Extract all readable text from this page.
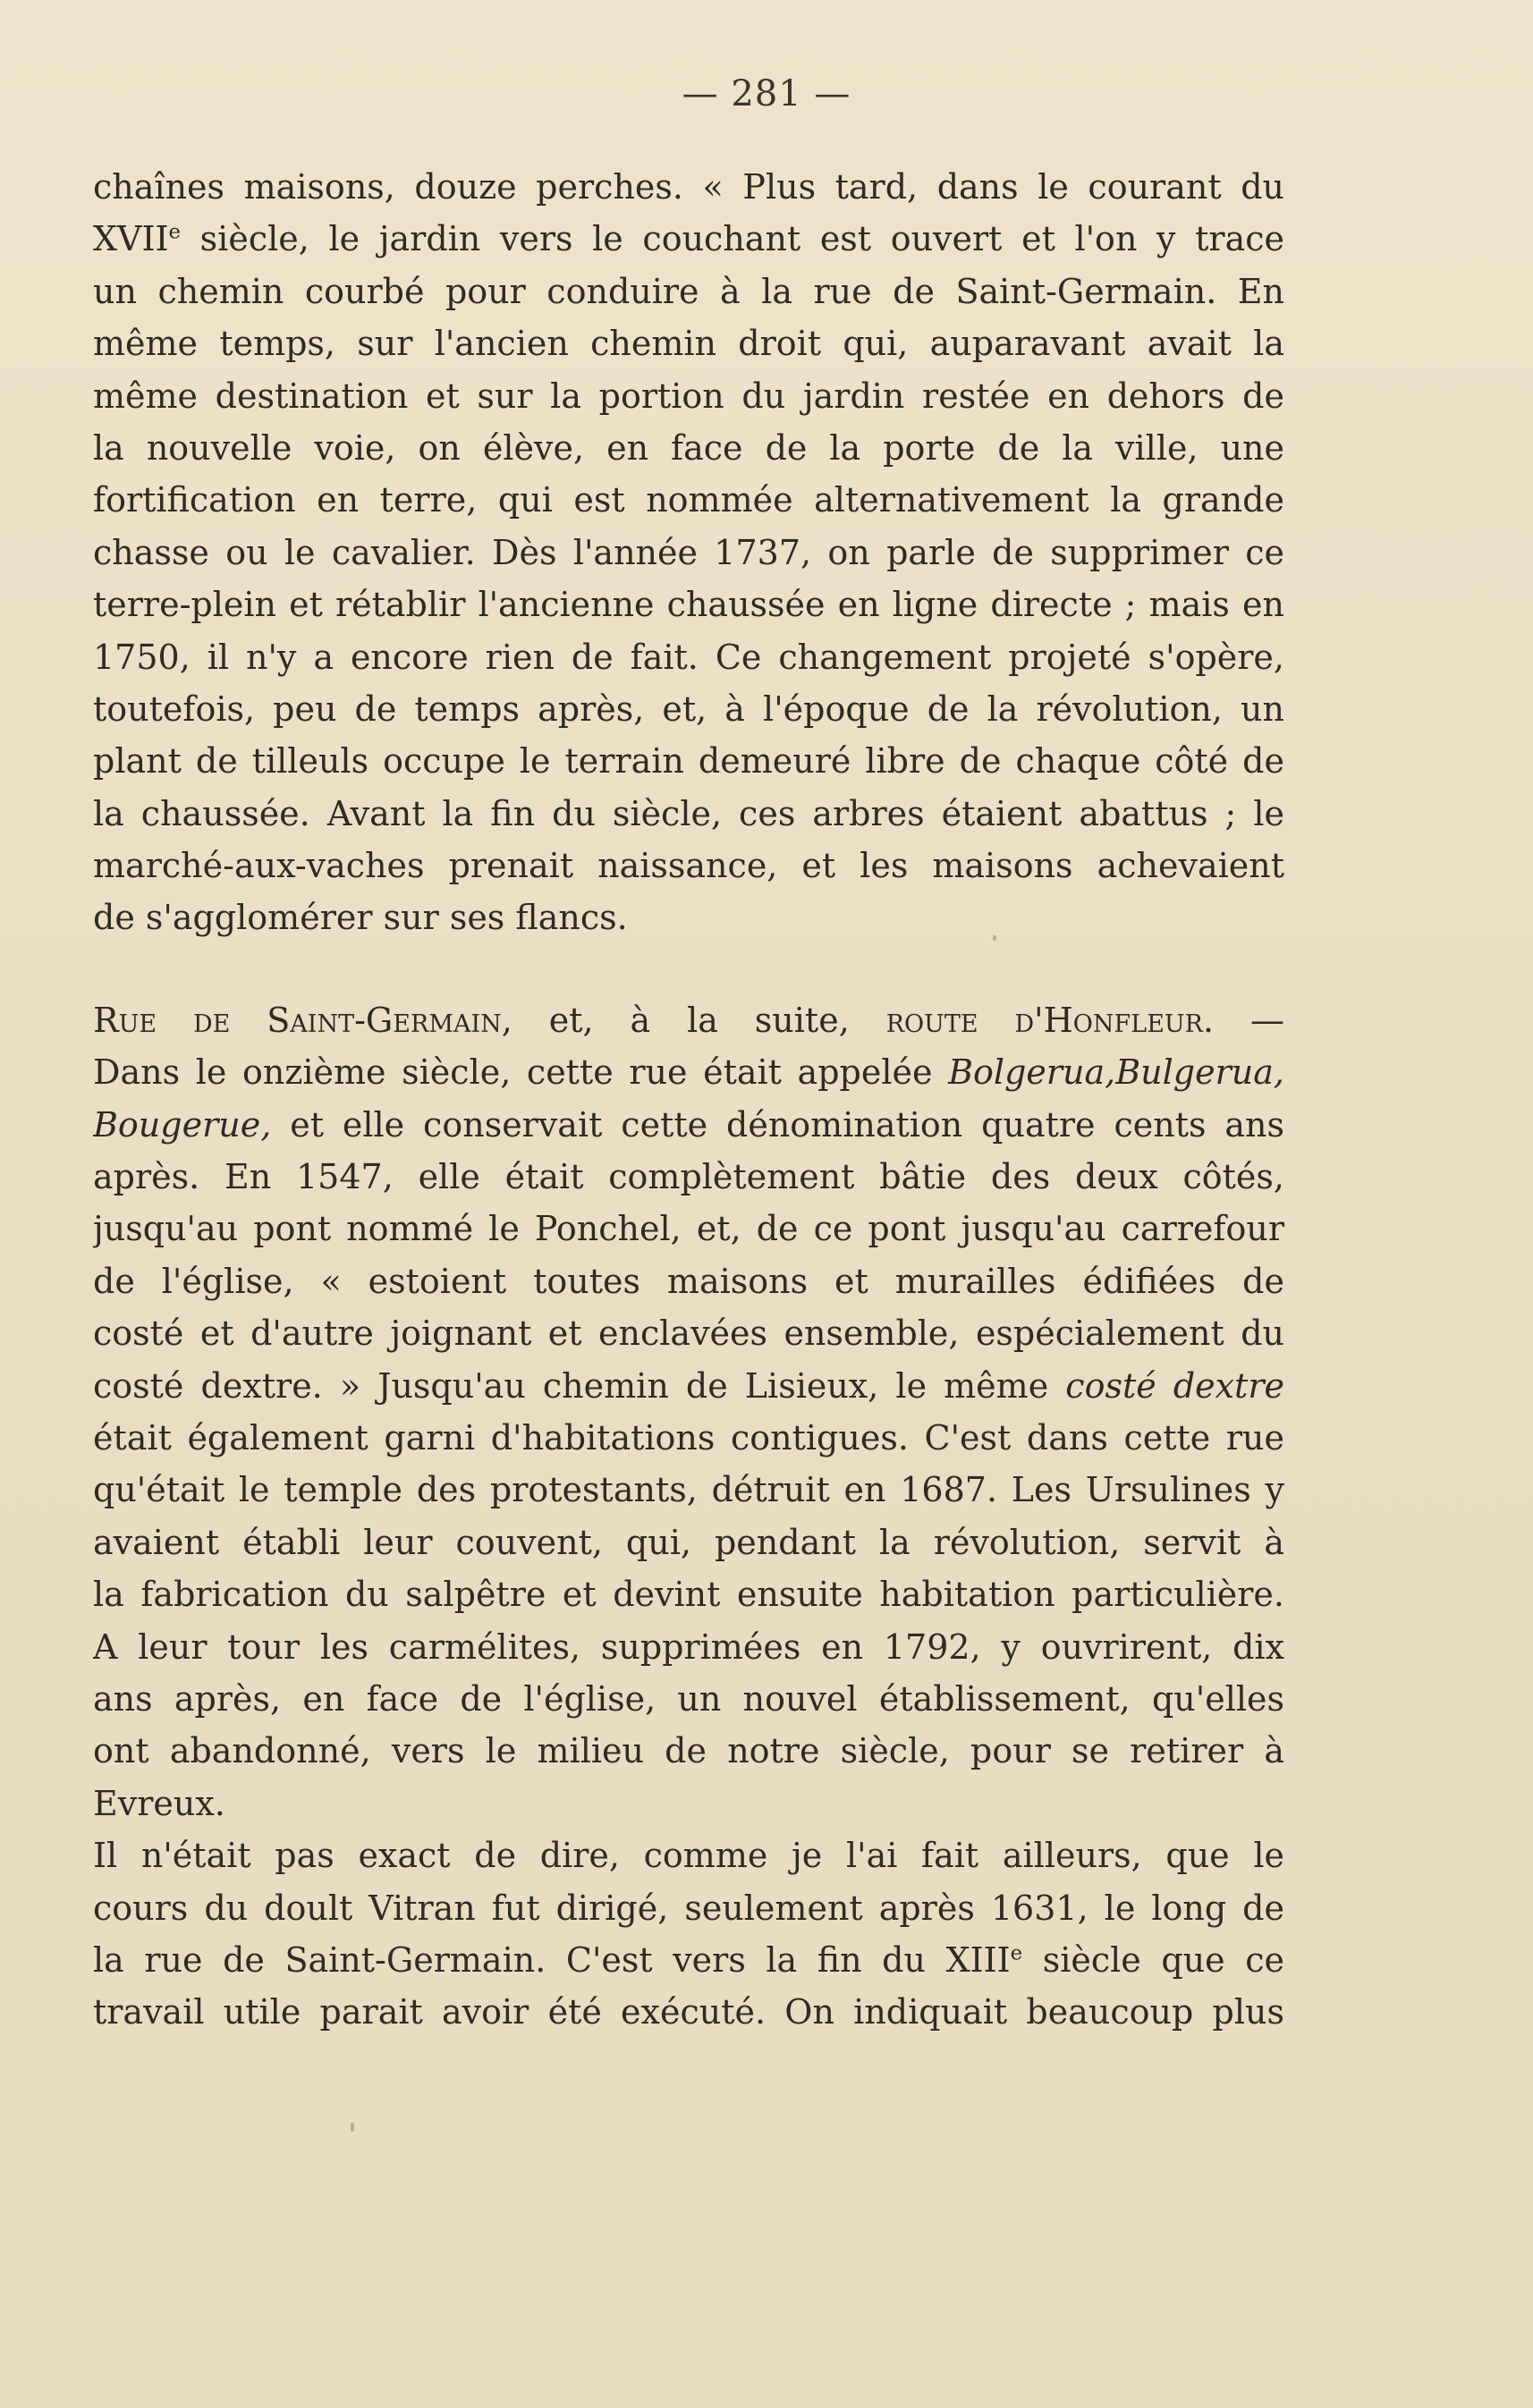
— 281 —
chaînes maisons, douze perches. « Plus tard, dans le courant du
XVIIe siècle, le jardin vers le couchant est ouvert et l'on y trace
un chemin courbé pour conduire à la rue de Saint-Germain. En
même temps, sur l'ancien chemin droit qui, auparavant avait la
même destination et sur la portion du jardin restée en dehors de
la nouvelle voie, on élève, en face de la porte de la ville, une
fortification en terre, qui est nommée alternativement la grande
chasse ou le cavalier. Dès l'année 1737, on parle de supprimer ce
terre-plein et rétablir l'ancienne chaussée en ligne directe ; mais en
1750, il n'y a encore rien de fait. Ce changement projeté s'opère,
toutefois, peu de temps après, et, à l'époque de la révolution, un
plant de tilleuls occupe le terrain demeuré libre de chaque côté de
la chaussée. Avant la fin du siècle, ces arbres étaient abattus ; le
marché-aux-vaches prenait naissance, et les maisons achevaient
de s'agglomérer sur ses flancs.
Rue de Saint-Germain, et, à la suite, route d'Honfleur. —
Dans le onzième siècle, cette rue était appelée Bolgerua,Bulgerua,
Bougerue, et elle conservait cette dénomination quatre cents ans
après. En 1547, elle était complètement bâtie des deux côtés,
jusqu'au pont nommé le Ponchel, et, de ce pont jusqu'au carrefour
de l'église, « estoient toutes maisons et murailles édifiées de
costé et d'autre joignant et enclavées ensemble, espécialement du
costé dextre. » Jusqu'au chemin de Lisieux, le même costé dextre
était également garni d'habitations contigues. C'est dans cette rue
qu'était le temple des protestants, détruit en 1687. Les Ursulines y
avaient établi leur couvent, qui, pendant la révolution, servit à
la fabrication du salpêtre et devint ensuite habitation particulière.
A leur tour les carmélites, supprimées en 1792, y ouvrirent, dix
ans après, en face de l'église, un nouvel établissement, qu'elles
ont abandonné, vers le milieu de notre siècle, pour se retirer à
Evreux.
Il n'était pas exact de dire, comme je l'ai fait ailleurs, que le
cours du doult Vitran fut dirigé, seulement après 1631, le long de
la rue de Saint-Germain. C'est vers la fin du XIIIe siècle que ce
travail utile parait avoir été exécuté. On indiquait beaucoup plus
